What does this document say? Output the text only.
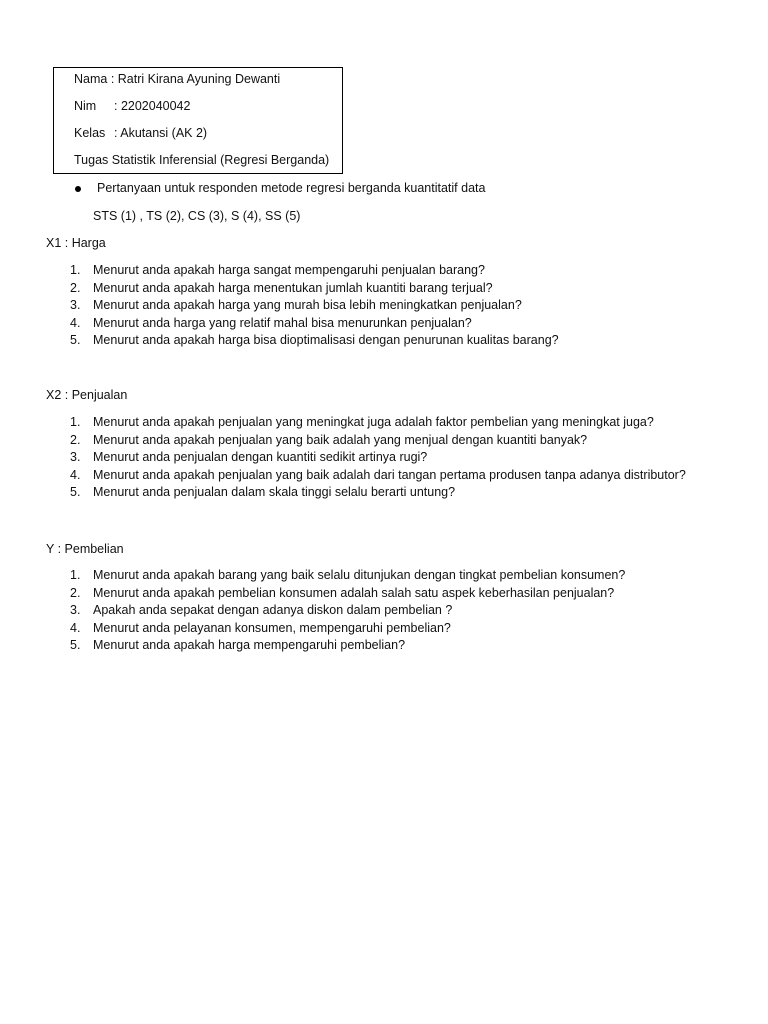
Nama : Ratri Kirana Ayuning Dewanti
Nim : 2202040042
Kelas : Akutansi (AK 2)
Tugas Statistik Inferensial (Regresi Berganda)
Pertanyaan untuk responden metode regresi berganda kuantitatif data
STS (1) , TS (2), CS (3), S (4), SS (5)
X1 : Harga
1. Menurut anda apakah harga sangat mempengaruhi penjualan barang?
2. Menurut anda apakah harga menentukan jumlah kuantiti barang terjual?
3. Menurut anda apakah harga yang murah bisa lebih meningkatkan penjualan?
4. Menurut anda harga yang relatif mahal bisa menurunkan penjualan?
5. Menurut anda apakah harga bisa dioptimalisasi dengan penurunan kualitas barang?
X2 : Penjualan
1. Menurut anda apakah penjualan yang meningkat juga adalah faktor pembelian yang meningkat juga?
2. Menurut anda apakah penjualan yang baik adalah yang menjual dengan kuantiti banyak?
3. Menurut anda penjualan dengan kuantiti sedikit artinya rugi?
4. Menurut anda apakah penjualan yang baik adalah dari tangan pertama produsen tanpa adanya distributor?
5. Menurut anda penjualan dalam skala tinggi selalu berarti untung?
Y : Pembelian
1. Menurut anda apakah barang yang baik selalu ditunjukan dengan tingkat pembelian konsumen?
2. Menurut anda apakah pembelian konsumen adalah salah satu aspek keberhasilan penjualan?
3. Apakah anda sepakat dengan adanya diskon dalam pembelian ?
4. Menurut anda pelayanan konsumen, mempengaruhi pembelian?
5. Menurut anda apakah harga mempengaruhi pembelian?
